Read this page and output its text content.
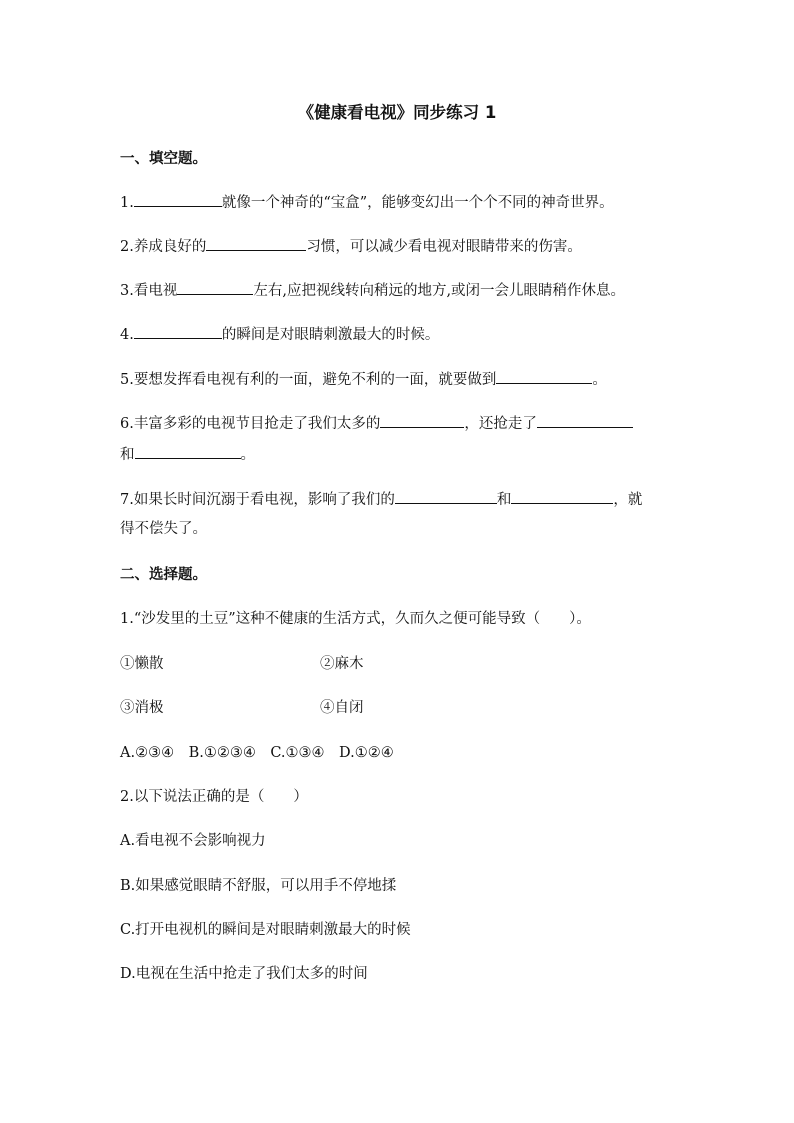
《健康看电视》同步练习 1
一、填空题。
1.	就像一个神奇的“宝盒”，能够变幻出一个个不同的神奇世界。
2.养成良好的	习惯，可以减少看电视对眼睛带来的伤害。
3.看电视	左右,应把视线转向稍远的地方,或闭一会儿眼睛稍作休息。
4.	的瞬间是对眼睛刺激最大的时候。
5.要想发挥看电视有利的一面，避免不利的一面，就要做到	。
6.丰富多彩的电视节目抢走了我们太多的	，还抢走了
和	。
7.如果长时间沉溺于看电视，影响了我们的	和	，就
得不偿失了。
二、选择题。
1.“沙发里的土豆”这种不健康的生活方式，久而久之便可能导致（　　）。
①懒散	②麻木
③消极	④自闭
A.②③④　B.①②③④　C.①③④　D.①②④
2.以下说法正确的是（　　）
A.看电视不会影响视力
B.如果感觉眼睛不舒服，可以用手不停地揉
C.打开电视机的瞬间是对眼睛刺激最大的时候
D.电视在生活中抢走了我们太多的时间
